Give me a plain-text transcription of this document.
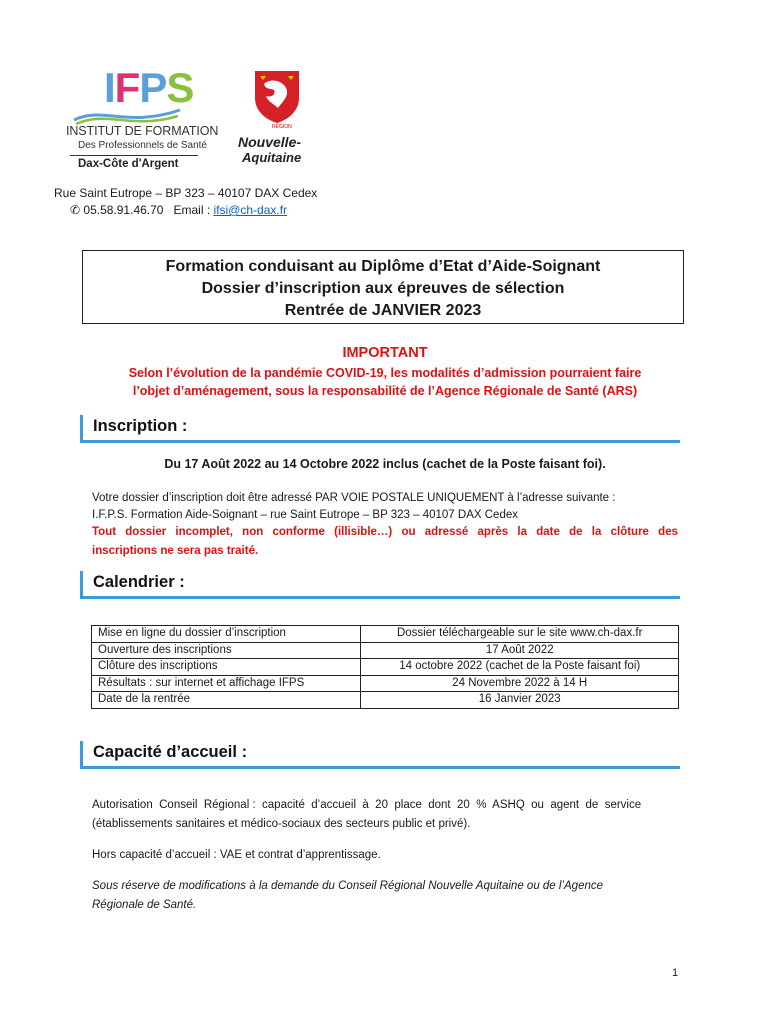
IFPS
INSTITUT DE FORMATION
Des Professionnels de Santé
Dax-Côte d'Argent
RÉGION
Nouvelle-
Aquitaine
Rue Saint Eutrope – BP 323 – 40107 DAX Cedex
✆ 05.58.91.46.70   Email : ifsi@ch-dax.fr
Formation conduisant au Diplôme d’Etat d’Aide-Soignant
Dossier d’inscription aux épreuves de sélection
Rentrée de JANVIER 2023
IMPORTANT
Selon l’évolution de la pandémie COVID-19, les modalités d’admission pourraient faire
l’objet d’aménagement, sous la responsabilité de l’Agence Régionale de Santé (ARS)
Inscription :
Du 17 Août 2022 au 14 Octobre 2022 inclus (cachet de la Poste faisant foi).
Votre dossier d’inscription doit être adressé PAR VOIE POSTALE UNIQUEMENT à l’adresse suivante :
I.F.P.S. Formation Aide-Soignant – rue Saint Eutrope – BP 323 – 40107 DAX Cedex
Tout dossier incomplet, non conforme (illisible…) ou adressé après la date de la clôture des
inscriptions ne sera pas traité.
Calendrier :
Mise en ligne du dossier d’inscription	Dossier téléchargeable sur le site www.ch-dax.fr
Ouverture des inscriptions	17 Août 2022
Clôture des inscriptions	14 octobre 2022 (cachet de la Poste faisant foi)
Résultats : sur internet et affichage IFPS	24 Novembre 2022 à 14 H
Date de la rentrée	16 Janvier 2023
Capacité d’accueil :
Autorisation  Conseil  Régional :  capacité  d’accueil  à  20  place  dont  20  %  ASHQ  ou  agent  de  service
(établissements sanitaires et médico-sociaux des secteurs public et privé).
Hors capacité d’accueil : VAE et contrat d’apprentissage.
Sous réserve de modifications à la demande du Conseil Régional Nouvelle Aquitaine ou de l’Agence
Régionale de Santé.
1
